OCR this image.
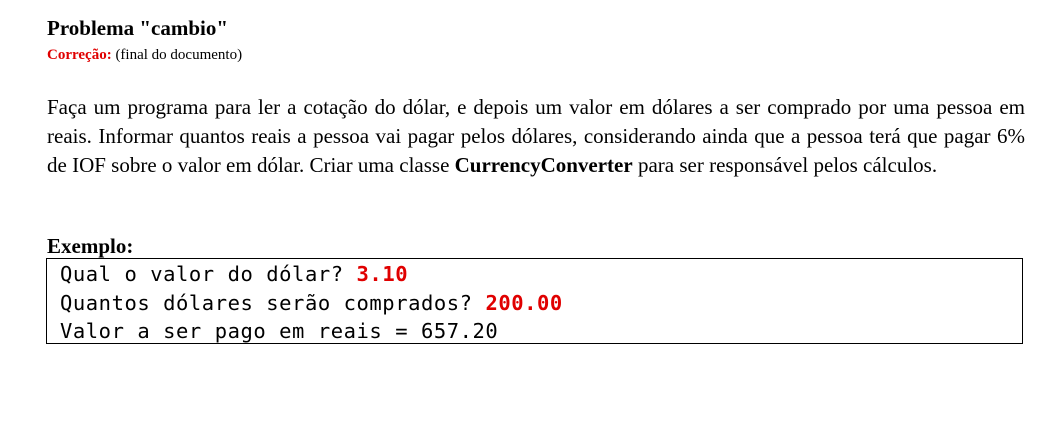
Problema "cambio"
Correção: (final do documento)
Faça um programa para ler a cotação do dólar, e depois um valor em dólares a ser comprado por uma pessoa em reais. Informar quantos reais a pessoa vai pagar pelos dólares, considerando ainda que a pessoa terá que pagar 6% de IOF sobre o valor em dólar. Criar uma classe CurrencyConverter para ser responsável pelos cálculos.
Exemplo:
Qual o valor do dólar? 3.10
Quantos dólares serão comprados? 200.00
Valor a ser pago em reais = 657.20
